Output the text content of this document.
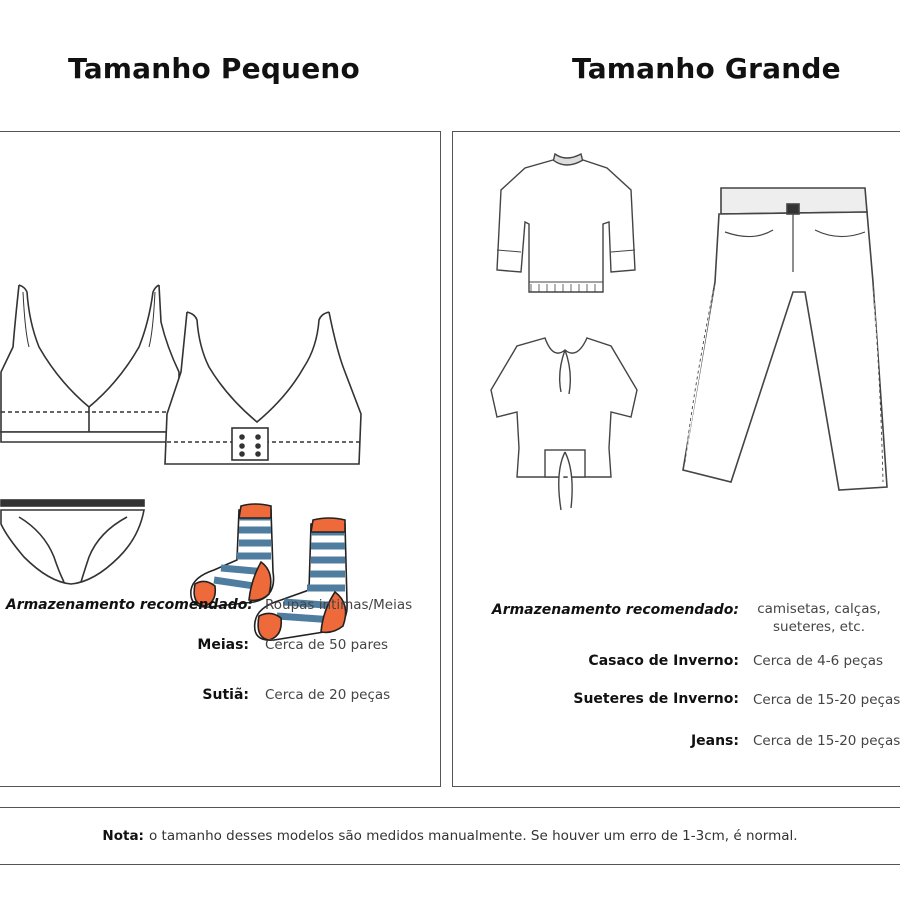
Tamanho Pequeno	Tamanho Grande
Armazenamento recomendado: Roupas intimas/Meias
Meias: Cerca de 50 pares
Sutiã: Cerca de 20 peças
Armazenamento recomendado:	camisetas, calças,
sueteres, etc.
Casaco de Inverno: Cerca de 4-6 peças
Sueteres de Inverno: Cerca de 15-20 peças
Jeans: Cerca de 15-20 peças
Nota: o tamanho desses modelos são medidos manualmente. Se houver um erro de 1-3cm, é normal.
